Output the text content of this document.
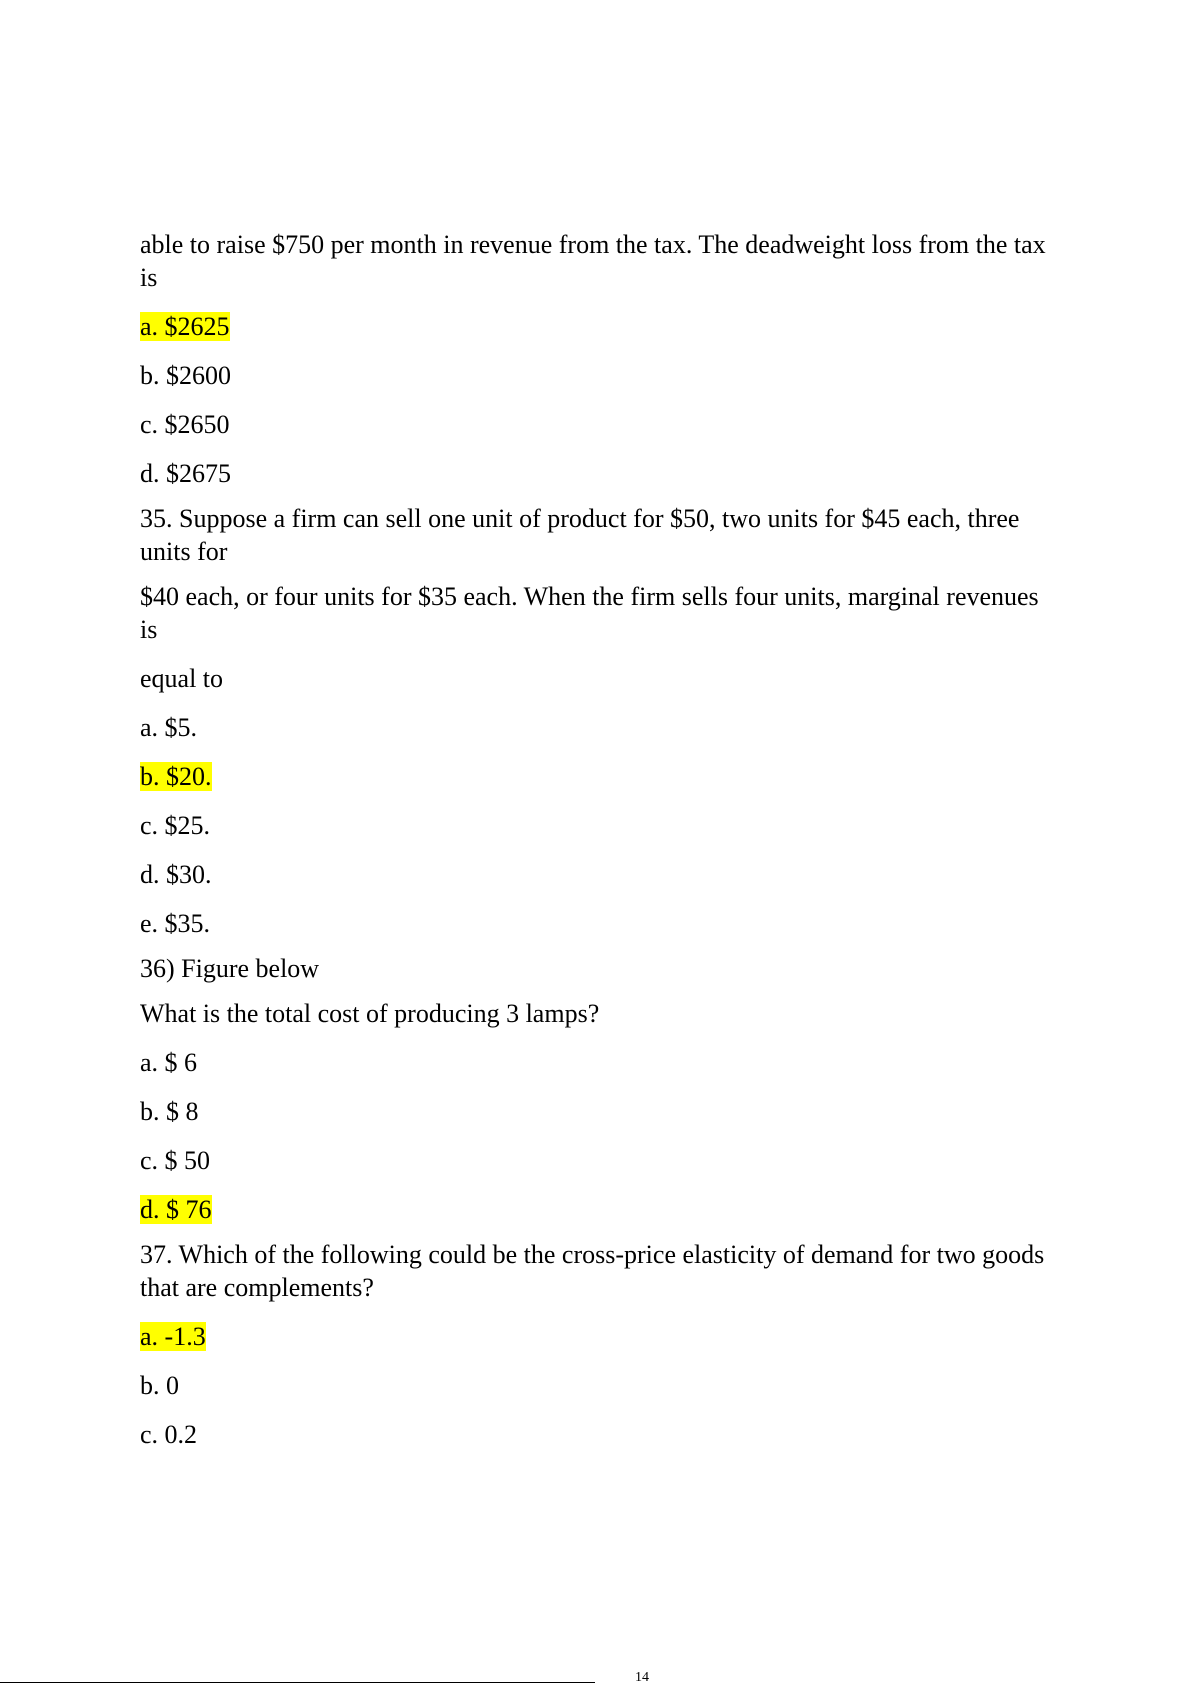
able to raise $750 per month in revenue from the tax. The deadweight loss from the tax is

a. $2625

b. $2600

c. $2650

d. $2675

35. Suppose a firm can sell one unit of product for $50, two units for $45 each, three units for

$40 each, or four units for $35 each. When the firm sells four units, marginal revenues is

equal to

a. $5.

b. $20.

c. $25.

d. $30.

e. $35.

36) Figure below

What is the total cost of producing 3 lamps?

a. $ 6

b. $ 8

c. $ 50

d. $ 76

37. Which of the following could be the cross-price elasticity of demand for two goods that are complements?

a. -1.3

b. 0

c. 0.2

14
